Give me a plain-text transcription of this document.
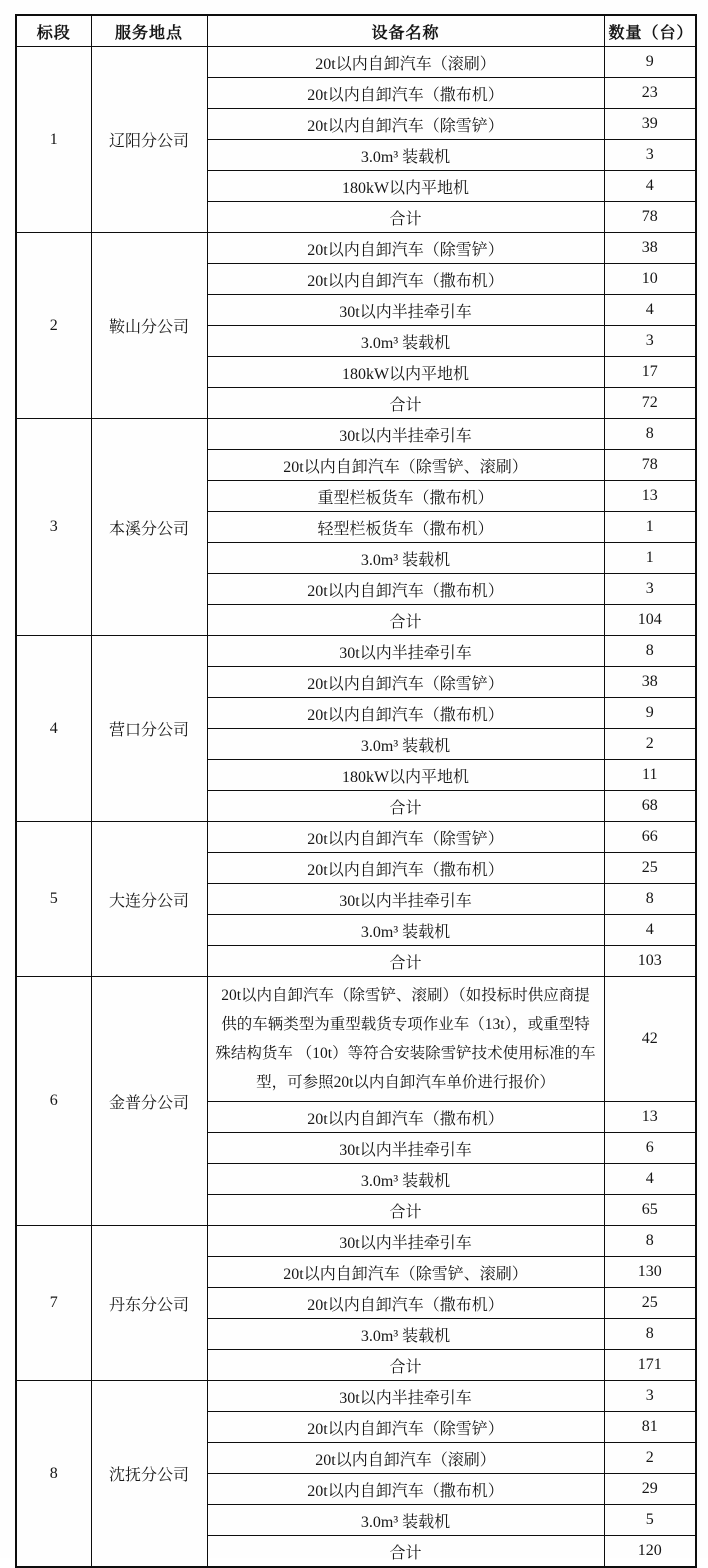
标段	服务地点	设备名称	数量（台）
1	辽阳分公司	20t以内自卸汽车（滚刷）	9
		20t以内自卸汽车（撒布机）	23
		20t以内自卸汽车（除雪铲）	39
		3.0m³ 装载机	3
		180kW以内平地机	4
		合计	78
2	鞍山分公司	20t以内自卸汽车（除雪铲）	38
		20t以内自卸汽车（撒布机）	10
		30t以内半挂牵引车	4
		3.0m³ 装载机	3
		180kW以内平地机	17
		合计	72
3	本溪分公司	30t以内半挂牵引车	8
		20t以内自卸汽车（除雪铲、滚刷）	78
		重型栏板货车（撒布机）	13
		轻型栏板货车（撒布机）	1
		3.0m³ 装载机	1
		20t以内自卸汽车（撒布机）	3
		合计	104
4	营口分公司	30t以内半挂牵引车	8
		20t以内自卸汽车（除雪铲）	38
		20t以内自卸汽车（撒布机）	9
		3.0m³ 装载机	2
		180kW以内平地机	11
		合计	68
5	大连分公司	20t以内自卸汽车（除雪铲）	66
		20t以内自卸汽车（撒布机）	25
		30t以内半挂牵引车	8
		3.0m³ 装载机	4
		合计	103
6	金普分公司	20t以内自卸汽车（除雪铲、滚刷）（如投标时供应商提供的车辆类型为重型载货专项作业车（13t），或重型特殊结构货车 （10t）等符合安装除雪铲技术使用标准的车型，可参照20t以内自卸汽车单价进行报价）	42
		20t以内自卸汽车（撒布机）	13
		30t以内半挂牵引车	6
		3.0m³ 装载机	4
		合计	65
7	丹东分公司	30t以内半挂牵引车	8
		20t以内自卸汽车（除雪铲、滚刷）	130
		20t以内自卸汽车（撒布机）	25
		3.0m³ 装载机	8
		合计	171
8	沈抚分公司	30t以内半挂牵引车	3
		20t以内自卸汽车（除雪铲）	81
		20t以内自卸汽车（滚刷）	2
		20t以内自卸汽车（撒布机）	29
		3.0m³ 装载机	5
		合计	120
